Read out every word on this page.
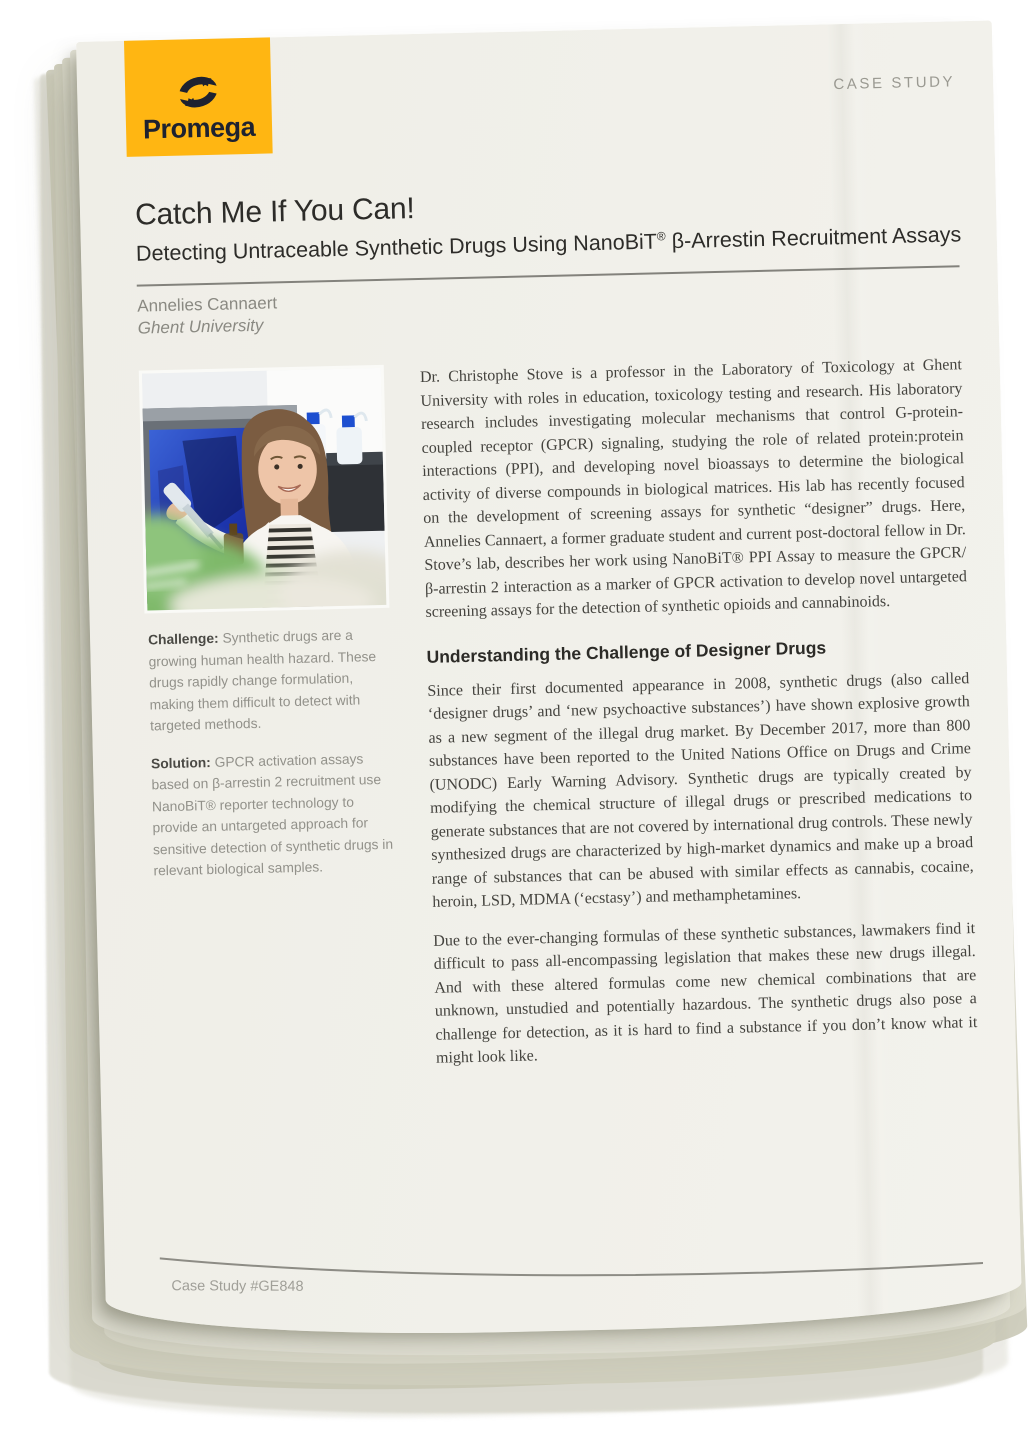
Promega
CASE STUDY
Catch Me If You Can!
Detecting Untraceable Synthetic Drugs Using NanoBiT® β-Arrestin Recruitment Assays
Annelies Cannaert
Ghent University

Challenge: Synthetic drugs are a growing human health hazard. These drugs rapidly change formulation, making them difficult to detect with targeted methods.

Solution: GPCR activation assays based on β-arrestin 2 recruitment use NanoBiT® reporter technology to provide an untargeted approach for sensitive detection of synthetic drugs in relevant biological samples.

Dr. Christophe Stove is a professor in the Laboratory of Toxicology at Ghent University with roles in education, toxicology testing and research. His laboratory research includes investigating molecular mechanisms that control G-protein-coupled receptor (GPCR) signaling, studying the role of related protein:protein interactions (PPI), and developing novel bioassays to determine the biological activity of diverse compounds in biological matrices. His lab has recently focused on the development of screening assays for synthetic “designer” drugs. Here, Annelies Cannaert, a former graduate student and current post-doctoral fellow in Dr. Stove’s lab, describes her work using NanoBiT® PPI Assay to measure the GPCR/β-arrestin 2 interaction as a marker of GPCR activation to develop novel untargeted screening assays for the detection of synthetic opioids and cannabinoids.

Understanding the Challenge of Designer Drugs

Since their first documented appearance in 2008, synthetic drugs (also called ‘designer drugs’ and ‘new psychoactive substances’) have shown explosive growth as a new segment of the illegal drug market. By December 2017, more than 800 substances have been reported to the United Nations Office on Drugs and Crime (UNODC) Early Warning Advisory. Synthetic drugs are typically created by modifying the chemical structure of illegal drugs or prescribed medications to generate substances that are not covered by international drug controls. These newly synthesized drugs are characterized by high-market dynamics and make up a broad range of substances that can be abused with similar effects as cannabis, cocaine, heroin, LSD, MDMA (‘ecstasy’) and methamphetamines.

Due to the ever-changing formulas of these synthetic substances, lawmakers find it difficult to pass all-encompassing legislation that makes these new drugs illegal. And with these altered formulas come new chemical combinations that are unknown, unstudied and potentially hazardous. The synthetic drugs also pose a challenge for detection, as it is hard to find a substance if you don’t know what it might look like.

Case Study #GE848
